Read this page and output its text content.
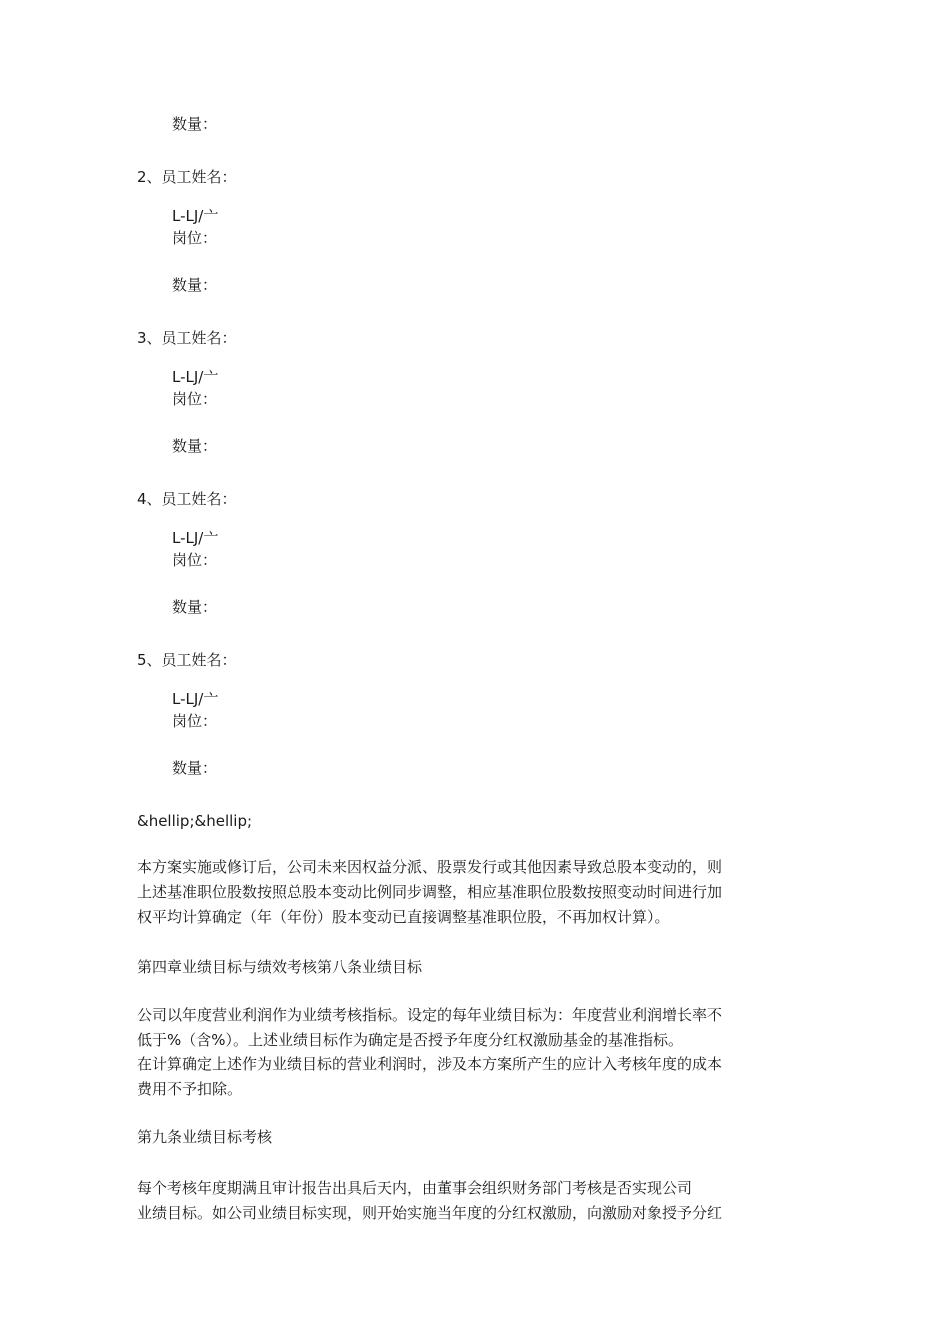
数量：
2、员工姓名：
L-LJ/亠
岗位：
数量：
3、员工姓名：
L-LJ/亠
岗位：
数量：
4、员工姓名：
L-LJ/亠
岗位：
数量：
5、员工姓名：
L-LJ/亠
岗位：
数量：
&hellip;&hellip;
本方案实施或修订后，公司未来因权益分派、股票发行或其他因素导致总股本变动的，则
上述基准职位股数按照总股本变动比例同步调整，相应基准职位股数按照变动时间进行加
权平均计算确定（年（年份）股本变动已直接调整基准职位股，不再加权计算）。
第四章业绩目标与绩效考核第八条业绩目标
公司以年度营业利润作为业绩考核指标。设定的每年业绩目标为：年度营业利润增长率不
低于%（含%）。上述业绩目标作为确定是否授予年度分红权激励基金的基准指标。
在计算确定上述作为业绩目标的营业利润时，涉及本方案所产生的应计入考核年度的成本
费用不予扣除。
第九条业绩目标考核
每个考核年度期满且审计报告出具后天内，由董事会组织财务部门考核是否实现公司
业绩目标。如公司业绩目标实现，则开始实施当年度的分红权激励，向激励对象授予分红
